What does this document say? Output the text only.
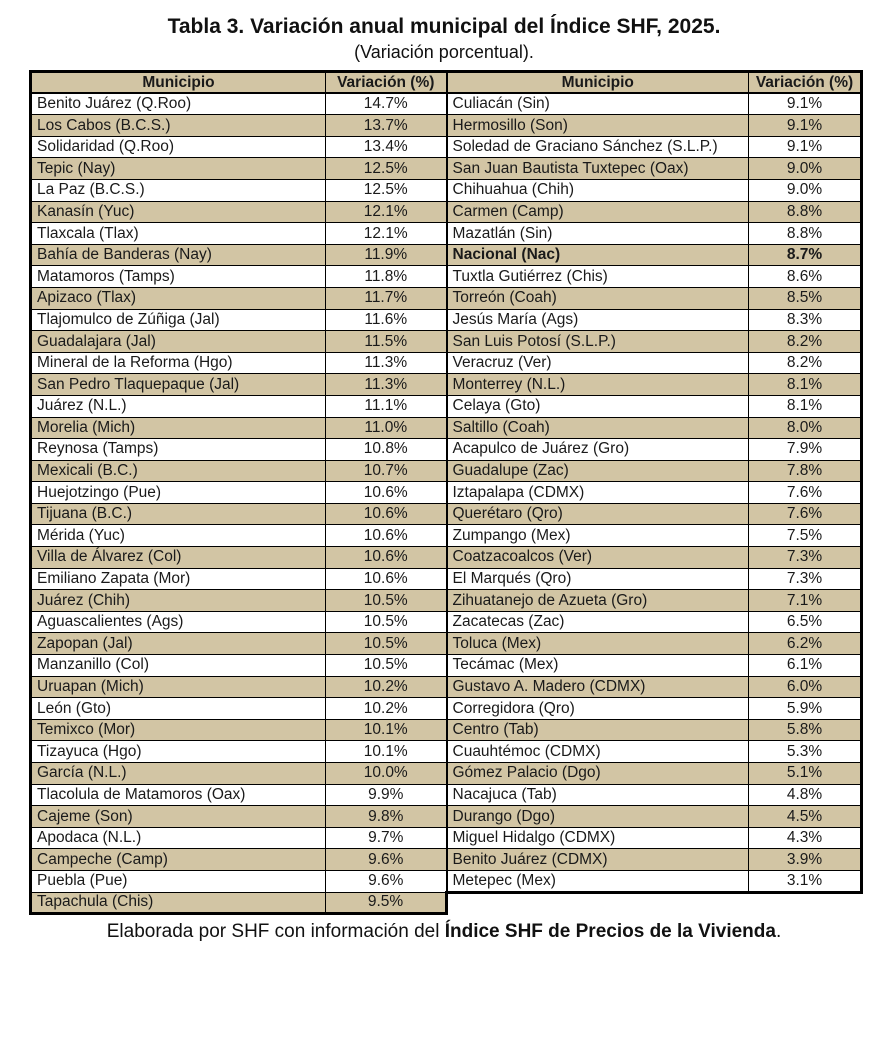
Tabla 3. Variación anual municipal del Índice SHF, 2025.
(Variación porcentual).
Municipio	Variación (%)	Municipio	Variación (%)
Benito Juárez (Q.Roo)	14.7%	Culiacán (Sin)	9.1%
Los Cabos (B.C.S.)	13.7%	Hermosillo (Son)	9.1%
Solidaridad (Q.Roo)	13.4%	Soledad de Graciano Sánchez (S.L.P.)	9.1%
Tepic (Nay)	12.5%	San Juan Bautista Tuxtepec (Oax)	9.0%
La Paz (B.C.S.)	12.5%	Chihuahua (Chih)	9.0%
Kanasín (Yuc)	12.1%	Carmen (Camp)	8.8%
Tlaxcala (Tlax)	12.1%	Mazatlán (Sin)	8.8%
Bahía de Banderas (Nay)	11.9%	Nacional (Nac)	8.7%
Matamoros (Tamps)	11.8%	Tuxtla Gutiérrez (Chis)	8.6%
Apizaco (Tlax)	11.7%	Torreón (Coah)	8.5%
Tlajomulco de Zúñiga (Jal)	11.6%	Jesús María (Ags)	8.3%
Guadalajara (Jal)	11.5%	San Luis Potosí (S.L.P.)	8.2%
Mineral de la Reforma (Hgo)	11.3%	Veracruz (Ver)	8.2%
San Pedro Tlaquepaque (Jal)	11.3%	Monterrey (N.L.)	8.1%
Juárez (N.L.)	11.1%	Celaya (Gto)	8.1%
Morelia (Mich)	11.0%	Saltillo (Coah)	8.0%
Reynosa (Tamps)	10.8%	Acapulco de Juárez (Gro)	7.9%
Mexicali (B.C.)	10.7%	Guadalupe (Zac)	7.8%
Huejotzingo (Pue)	10.6%	Iztapalapa (CDMX)	7.6%
Tijuana (B.C.)	10.6%	Querétaro (Qro)	7.6%
Mérida (Yuc)	10.6%	Zumpango (Mex)	7.5%
Villa de Álvarez (Col)	10.6%	Coatzacoalcos (Ver)	7.3%
Emiliano Zapata (Mor)	10.6%	El Marqués (Qro)	7.3%
Juárez (Chih)	10.5%	Zihuatanejo de Azueta (Gro)	7.1%
Aguascalientes (Ags)	10.5%	Zacatecas (Zac)	6.5%
Zapopan (Jal)	10.5%	Toluca (Mex)	6.2%
Manzanillo (Col)	10.5%	Tecámac (Mex)	6.1%
Uruapan (Mich)	10.2%	Gustavo A. Madero (CDMX)	6.0%
León (Gto)	10.2%	Corregidora (Qro)	5.9%
Temixco (Mor)	10.1%	Centro (Tab)	5.8%
Tizayuca (Hgo)	10.1%	Cuauhtémoc (CDMX)	5.3%
García (N.L.)	10.0%	Gómez Palacio (Dgo)	5.1%
Tlacolula de Matamoros (Oax)	9.9%	Nacajuca (Tab)	4.8%
Cajeme (Son)	9.8%	Durango (Dgo)	4.5%
Apodaca (N.L.)	9.7%	Miguel Hidalgo (CDMX)	4.3%
Campeche (Camp)	9.6%	Benito Juárez (CDMX)	3.9%
Puebla (Pue)	9.6%	Metepec (Mex)	3.1%
Tapachula (Chis)	9.5%		
Elaborada por SHF con información del Índice SHF de Precios de la Vivienda.
